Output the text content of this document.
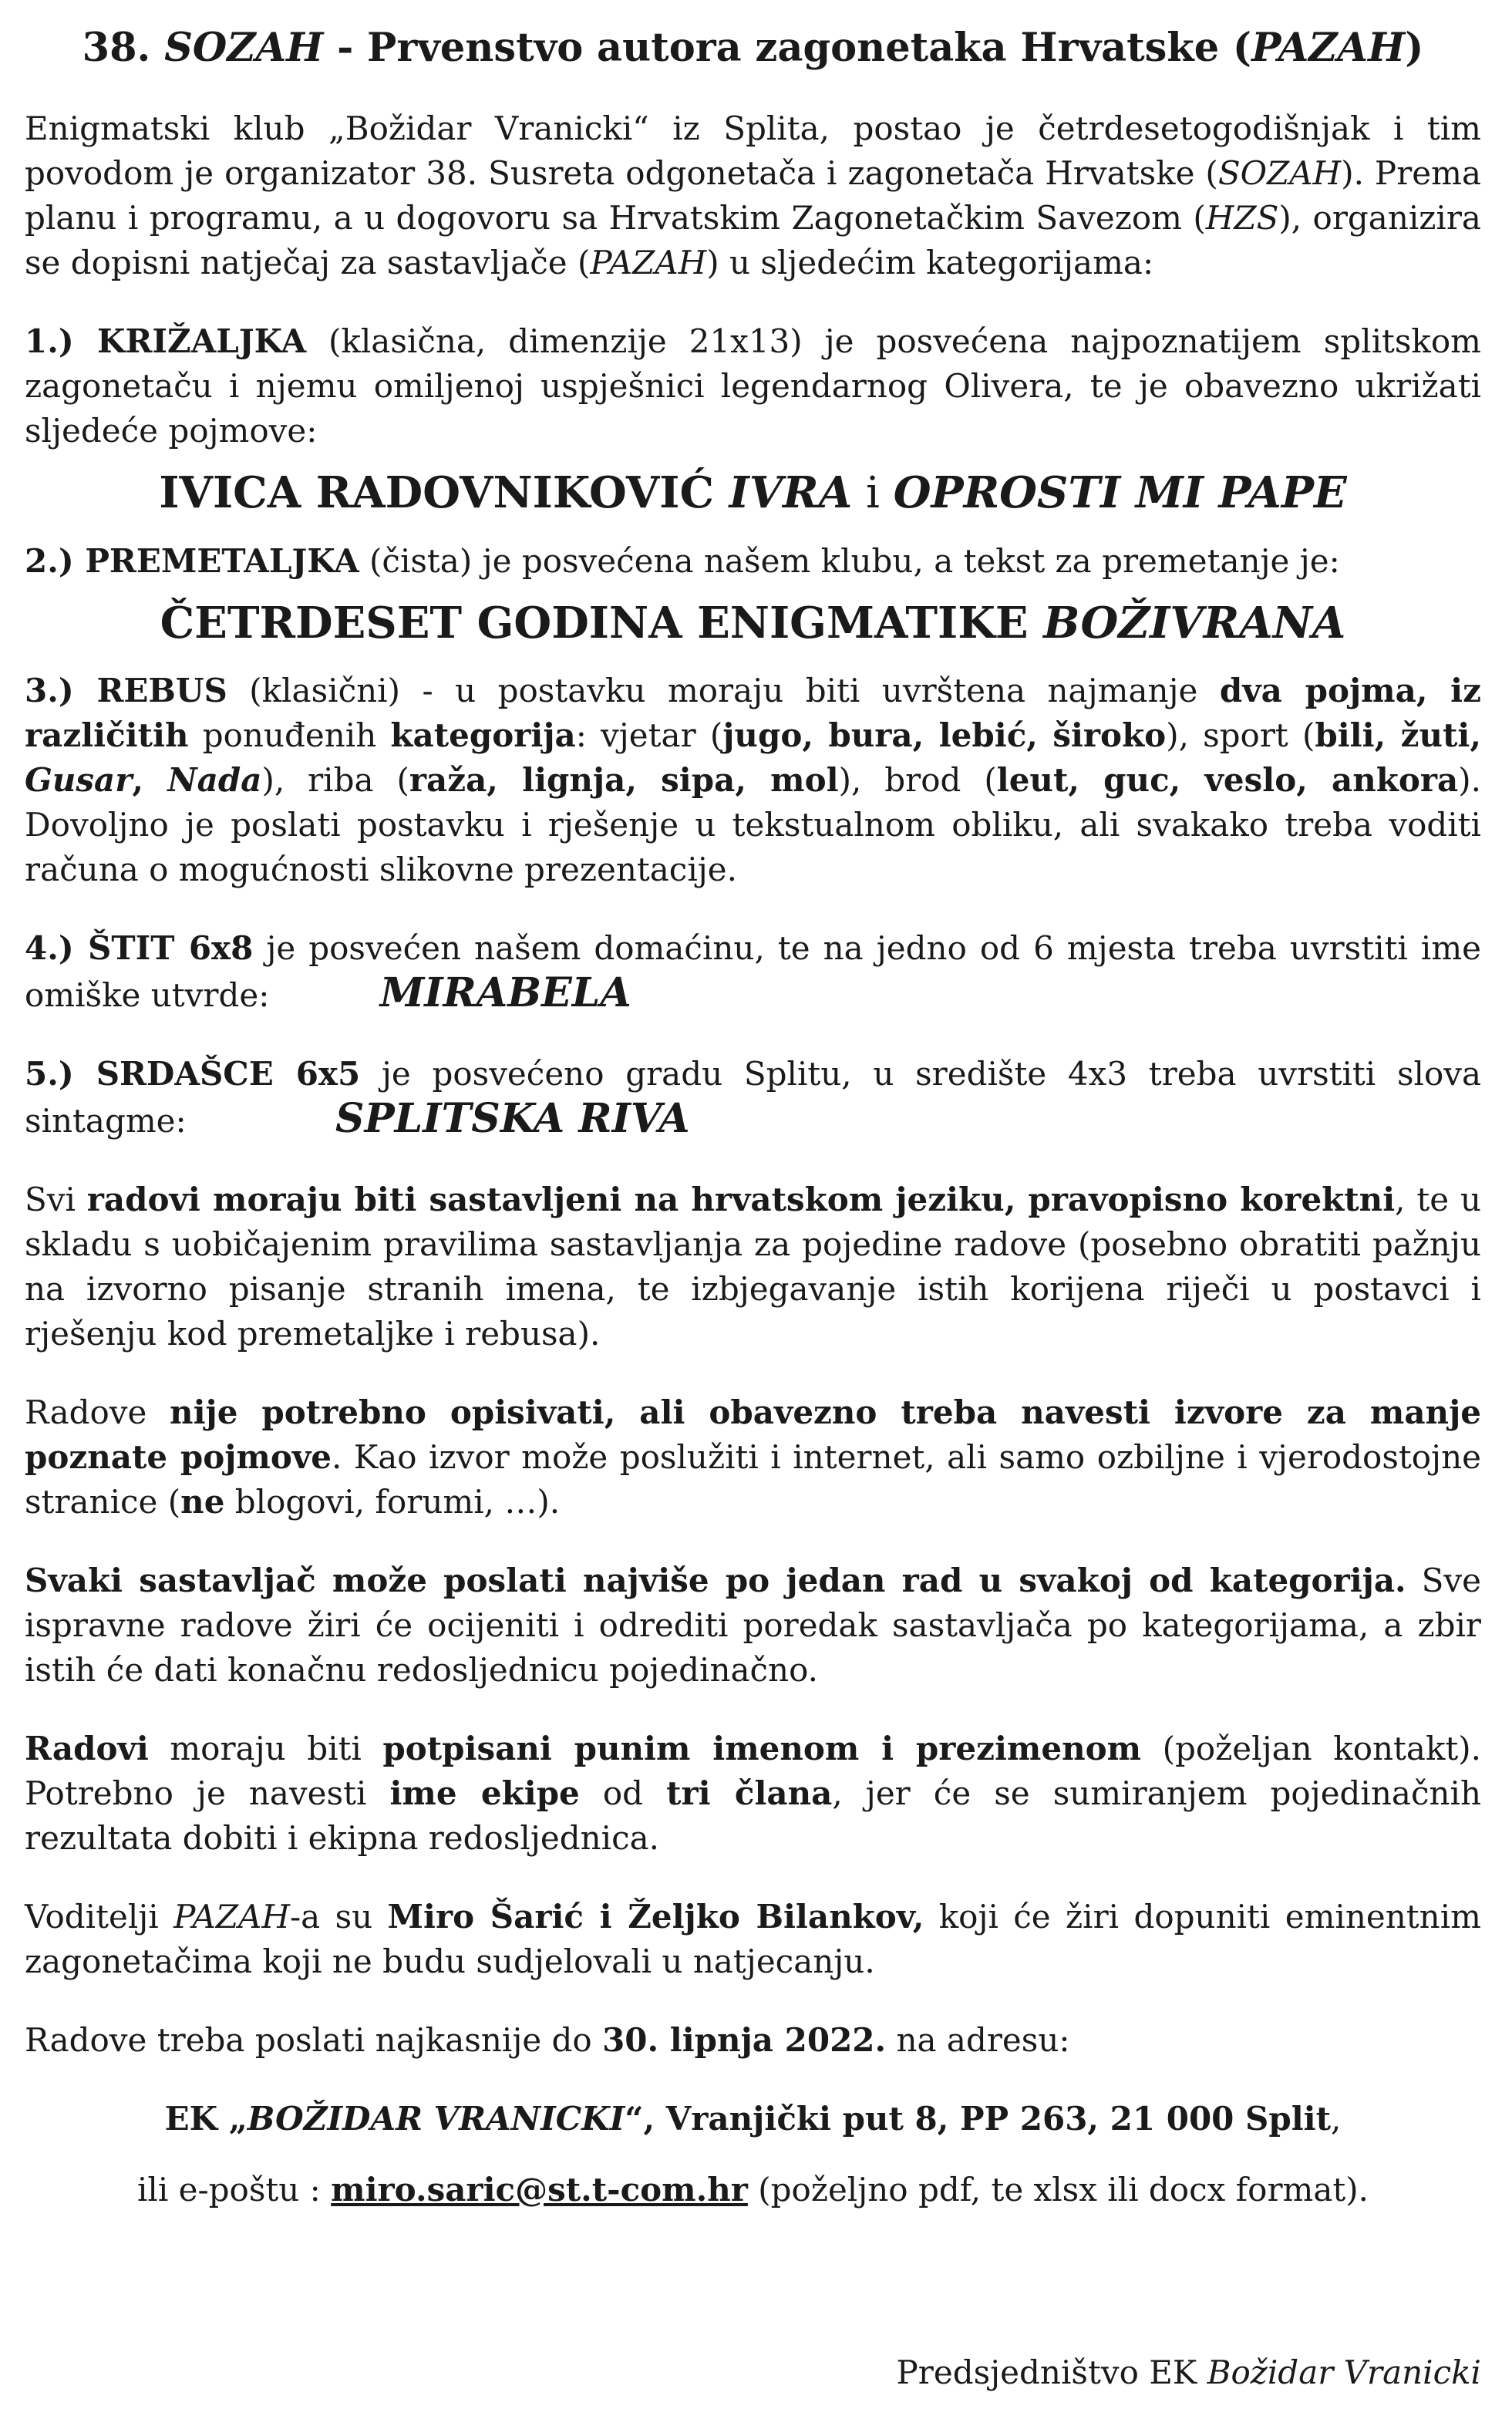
38. SOZAH - Prvenstvo autora zagonetaka Hrvatske (PAZAH)

Enigmatski klub „Božidar Vranicki“ iz Splita, postao je četrdesetogodišnjak i tim povodom je organizator 38. Susreta odgonetača i zagonetača Hrvatske (SOZAH). Prema planu i programu, a u dogovoru sa Hrvatskim Zagonetačkim Savezom (HZS), organizira se dopisni natječaj za sastavljače (PAZAH) u sljedećim kategorijama:

1.) KRIŽALJKA (klasična, dimenzije 21x13) je posvećena najpoznatijem splitskom zagonetaču i njemu omiljenoj uspješnici legendarnog Olivera, te je obavezno ukrižati sljedeće pojmove:

IVICA RADOVNIKOVIĆ IVRA i OPROSTI MI PAPE

2.) PREMETALJKA (čista) je posvećena našem klubu, a tekst za premetanje je:

ČETRDESET GODINA ENIGMATIKE BOŽIVRANA

3.) REBUS (klasični) - u postavku moraju biti uvrštena najmanje dva pojma, iz različitih ponuđenih kategorija: vjetar (jugo, bura, lebić, široko), sport (bili, žuti, Gusar, Nada), riba (raža, lignja, sipa, mol), brod (leut, guc, veslo, ankora). Dovoljno je poslati postavku i rješenje u tekstualnom obliku, ali svakako treba voditi računa o mogućnosti slikovne prezentacije.

4.) ŠTIT 6x8 je posvećen našem domaćinu, te na jedno od 6 mjesta treba uvrstiti ime omiške utvrde:	MIRABELA

5.) SRDAŠCE 6x5 je posvećeno gradu Splitu, u središte 4x3 treba uvrstiti slova sintagme:	SPLITSKA RIVA

Svi radovi moraju biti sastavljeni na hrvatskom jeziku, pravopisno korektni, te u skladu s uobičajenim pravilima sastavljanja za pojedine radove (posebno obratiti pažnju na izvorno pisanje stranih imena, te izbjegavanje istih korijena riječi u postavci i rješenju kod premetaljke i rebusa).

Radove nije potrebno opisivati, ali obavezno treba navesti izvore za manje poznate pojmove. Kao izvor može poslužiti i internet, ali samo ozbiljne i vjerodostojne stranice (ne blogovi, forumi, …).

Svaki sastavljač može poslati najviše po jedan rad u svakoj od kategorija. Sve ispravne radove žiri će ocijeniti i odrediti poredak sastavljača po kategorijama, a zbir istih će dati konačnu redosljednicu pojedinačno.

Radovi moraju biti potpisani punim imenom i prezimenom (poželjan kontakt). Potrebno je navesti ime ekipe od tri člana, jer će se sumiranjem pojedinačnih rezultata dobiti i ekipna redosljednica.

Voditelji PAZAH-a su Miro Šarić i Željko Bilankov, koji će žiri dopuniti eminentnim zagonetačima koji ne budu sudjelovali u natjecanju.

Radove treba poslati najkasnije do 30. lipnja 2022. na adresu:

EK „BOŽIDAR VRANICKI“, Vranjički put 8, PP 263, 21 000 Split,

ili e-poštu : miro.saric@st.t-com.hr (poželjno pdf, te xlsx ili docx format).

Predsjedništvo EK Božidar Vranicki
